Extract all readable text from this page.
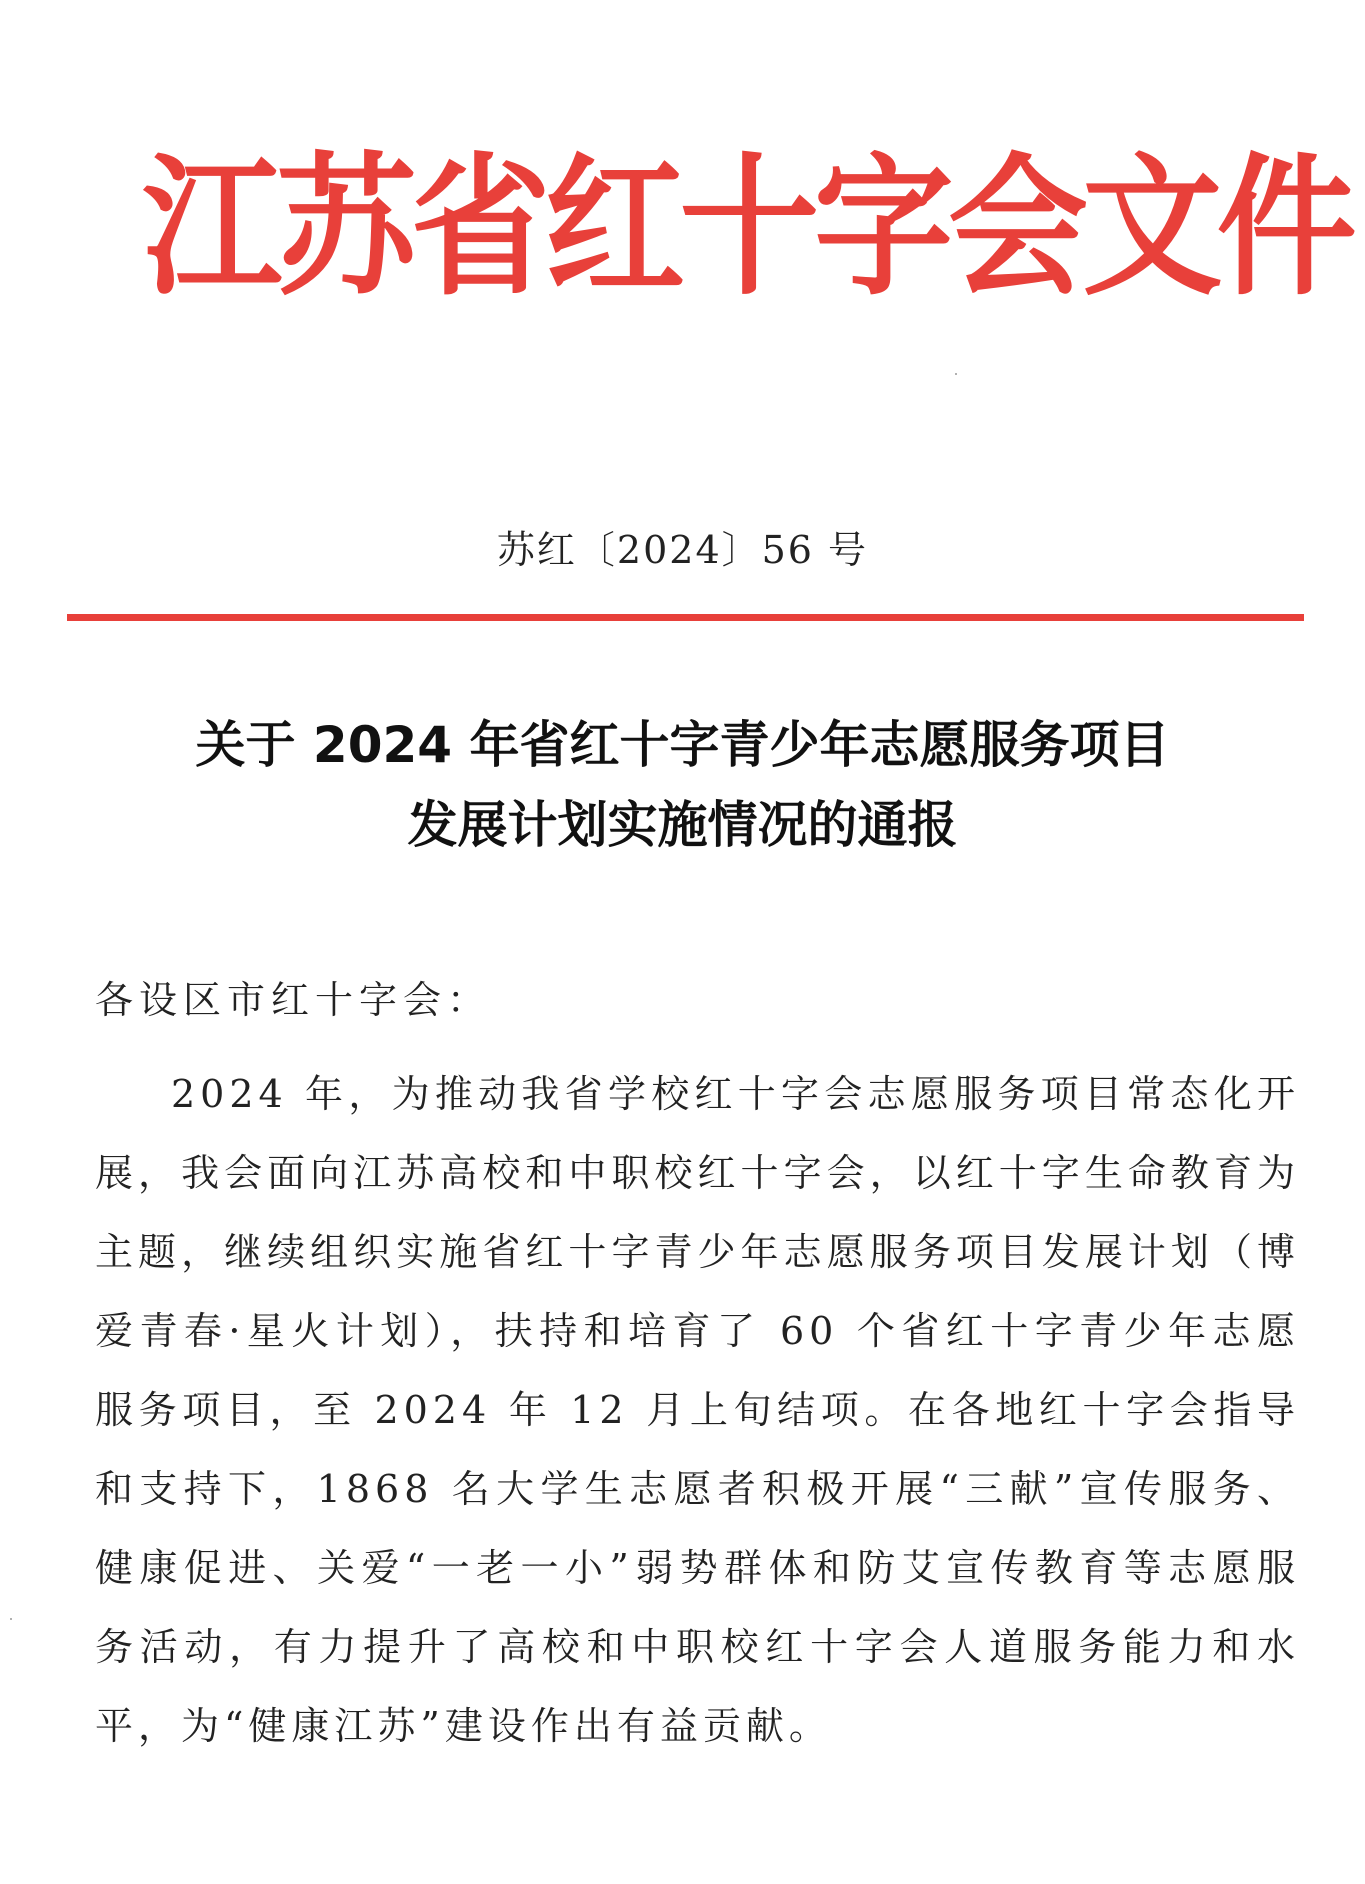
江苏省红十字会文件
苏红〔2024〕56 号
关于 2024 年省红十字青少年志愿服务项目
发展计划实施情况的通报
各设区市红十字会：

2024 年，为推动我省学校红十字会志愿服务项目常态化开展，我会面向江苏高校和中职校红十字会，以红十字生命教育为主题，继续组织实施省红十字青少年志愿服务项目发展计划（博爱青春·星火计划），扶持和培育了 60 个省红十字青少年志愿服务项目，至 2024 年 12 月上旬结项。在各地红十字会指导和支持下，1868 名大学生志愿者积极开展“三献”宣传服务、健康促进、关爱“一老一小”弱势群体和防艾宣传教育等志愿服务活动，有力提升了高校和中职校红十字会人道服务能力和水平，为“健康江苏”建设作出有益贡献。
